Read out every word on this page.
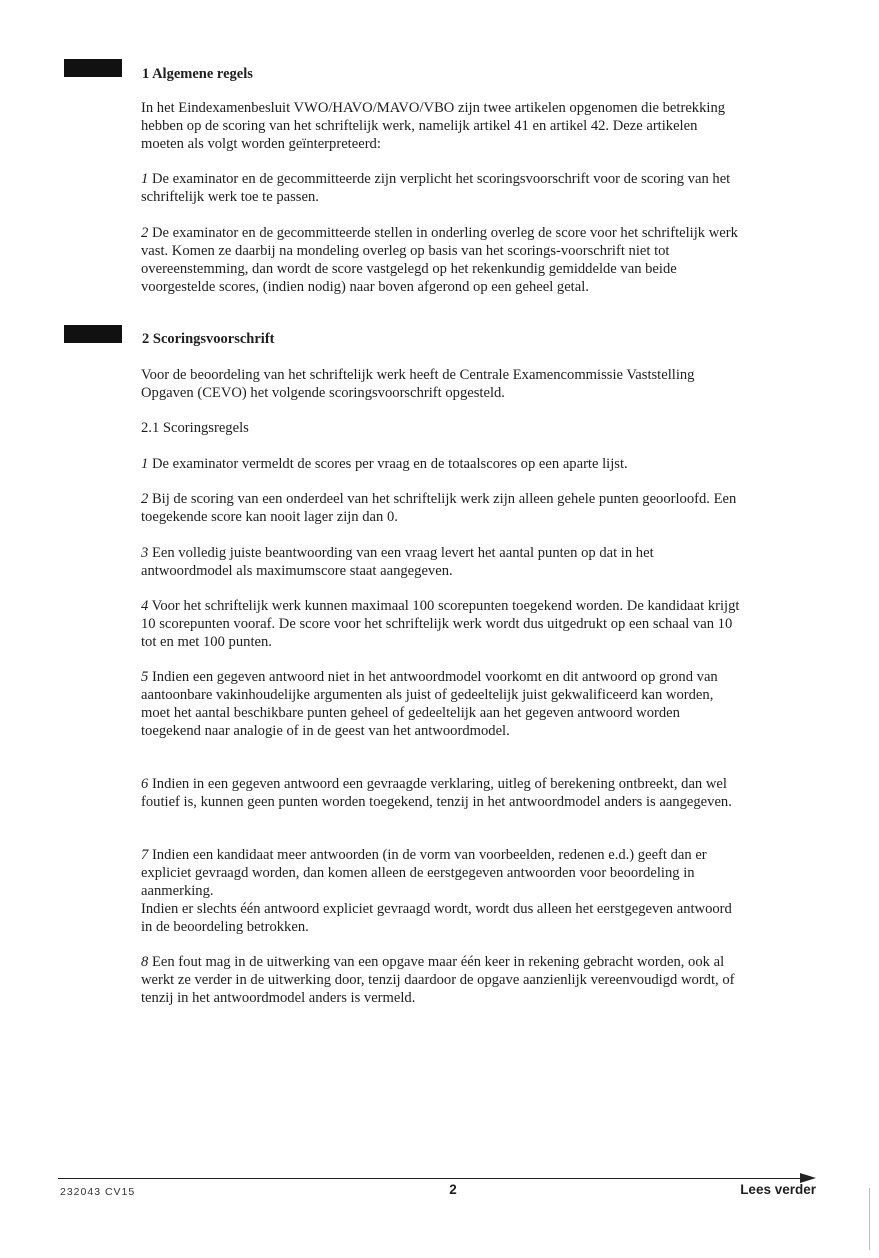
1 Algemene regels

In het Eindexamenbesluit VWO/HAVO/MAVO/VBO zijn twee artikelen opgenomen die betrekking hebben op de scoring van het schriftelijk werk, namelijk artikel 41 en artikel 42. Deze artikelen moeten als volgt worden geïnterpreteerd:

1 De examinator en de gecommitteerde zijn verplicht het scoringsvoorschrift voor de scoring van het schriftelijk werk toe te passen.

2 De examinator en de gecommitteerde stellen in onderling overleg de score voor het schriftelijk werk vast. Komen ze daarbij na mondeling overleg op basis van het scorings-voorschrift niet tot overeenstemming, dan wordt de score vastgelegd op het rekenkundig gemiddelde van beide voorgestelde scores, (indien nodig) naar boven afgerond op een geheel getal.

2 Scoringsvoorschrift

Voor de beoordeling van het schriftelijk werk heeft de Centrale Examencommissie Vaststelling Opgaven (CEVO) het volgende scoringsvoorschrift opgesteld.

2.1 Scoringsregels

1 De examinator vermeldt de scores per vraag en de totaalscores op een aparte lijst.

2 Bij de scoring van een onderdeel van het schriftelijk werk zijn alleen gehele punten geoorloofd. Een toegekende score kan nooit lager zijn dan 0.

3 Een volledig juiste beantwoording van een vraag levert het aantal punten op dat in het antwoordmodel als maximumscore staat aangegeven.

4 Voor het schriftelijk werk kunnen maximaal 100 scorepunten toegekend worden. De kandidaat krijgt 10 scorepunten vooraf. De score voor het schriftelijk werk wordt dus uitgedrukt op een schaal van 10 tot en met 100 punten.

5 Indien een gegeven antwoord niet in het antwoordmodel voorkomt en dit antwoord op grond van aantoonbare vakinhoudelijke argumenten als juist of gedeeltelijk juist gekwalificeerd kan worden, moet het aantal beschikbare punten geheel of gedeeltelijk aan het gegeven antwoord worden toegekend naar analogie of in de geest van het antwoordmodel.

6 Indien in een gegeven antwoord een gevraagde verklaring, uitleg of berekening ontbreekt, dan wel foutief is, kunnen geen punten worden toegekend, tenzij in het antwoordmodel anders is aangegeven.

7 Indien een kandidaat meer antwoorden (in de vorm van voorbeelden, redenen e.d.) geeft dan er expliciet gevraagd worden, dan komen alleen de eerstgegeven antwoorden voor beoordeling in aanmerking.
Indien er slechts één antwoord expliciet gevraagd wordt, wordt dus alleen het eerstgegeven antwoord in de beoordeling betrokken.

8 Een fout mag in de uitwerking van een opgave maar één keer in rekening gebracht worden, ook al werkt ze verder in de uitwerking door, tenzij daardoor de opgave aanzienlijk vereenvoudigd wordt, of tenzij in het antwoordmodel anders is vermeld.

232043 CV15	2	Lees verder
